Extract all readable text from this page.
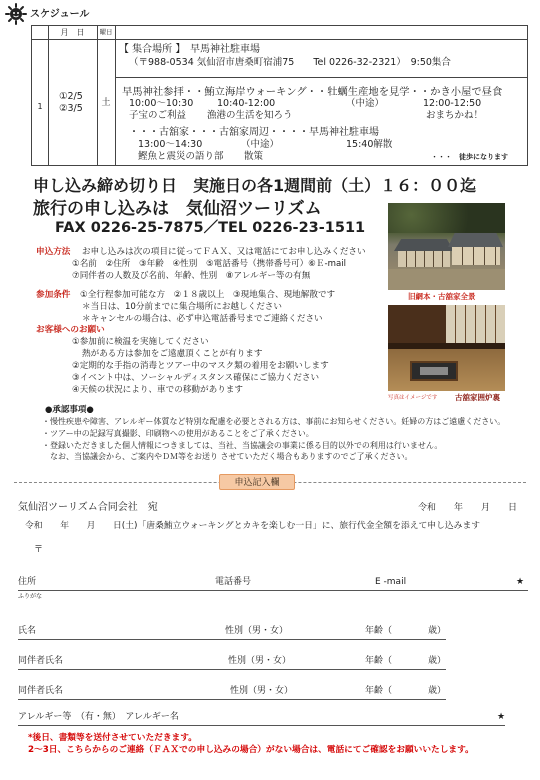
スケジュール
月　日	曜日
1
①2/5
②3/5	土
【 集合場所 】 早馬神社駐車場
（〒988-0534 気仙沼市唐桑町宿浦75　　Tel 0226-32-2321）　9:50集合
早馬神社参拝・・鮪立海岸ウォーキング・・牡蠣生産地を見学・・かき小屋で昼食
10:00～10:30 10:40-12:00	（中途）	12:00-12:50
子宝のご利益 漁港の生活を知ろう	おまちかね！
・・・古舘家・・・古舘家周辺・・・・早馬神社駐車場
13:00～14:30	（中途）	15:40解散
鰹魚と震災の語り部 散策	・・・　徒歩になります
申し込み締め切り日　実施日の各1週間前（土）１６：００迄
旅行の申し込みは　気仙沼ツーリズム
FAX 0226-25-7875／TEL 0226-23-1511
旧網本・古舘家全景
写真はイメージです 古舘家囲炉裏
申込方法 お申し込みは次の項目に従ってＦＡＸ、又は電話にてお申し込みください
①名前　②住所　③年齢　④性別　⑤電話番号（携帯番号可）⑥Ｅ-mail
⑦同伴者の人数及び名前、年齢、性別　⑧アレルギー等の有無
参加条件 ①全行程参加可能な方　②１８歳以上　③現地集合、現地解散です
＊当日は、10分前までに集合場所にお越しください
＊キャンセルの場合は、必ず申込電話番号までご連絡ください
お客様へのお願い
①参加前に検温を実施してください
熱がある方は参加をご遠慮頂くことが有ります
②定期的な手指の消毒とツアー中のマスク類の着用をお願いします
③イベント中は、ソーシャルディスタンス確保にご協力ください
④天候の状況により、車での移動があります
●承認事項●
・慢性疾患や障害、アレルギー体質など特別な配慮を必要とされる方は、事前にお知らせください。妊婦の方はご遠慮ください。
・ツアー中の記録写真撮影、印刷物への使用があることをご了承ください。
・登録いただきました個人情報につきましては、当社、当協議会の事業に係る目的以外での利用は行いません。
　なお、当協議会から、ご案内やＤＭ等をお送り させていただく場合もありますのでご了承ください。
申込記入欄
気仙沼ツーリズム合同会社　宛	令和　　年　　月　　日
令和　　年　　月　　日(土)「唐桑鮪立ウォーキングとカキを楽しむ一日」に、旅行代金全額を添えて申し込みます
〒
住所	電話番号	E -mail	★
ふりがな
氏名	性別（男・女）	年齢（　　　　歳）
同伴者氏名	性別（男・女）	年齢（　　　　歳）
同伴者氏名	性別（男・女）	年齢（　　　　歳）
アレルギー等　（有・無）　アレルギー名	★
*後日、書類等を送付させていただきます。
2～3日、こちらからのご連絡（ＦＡＸでの申し込みの場合）がない場合は、電話にてご確認をお願いいたします。
